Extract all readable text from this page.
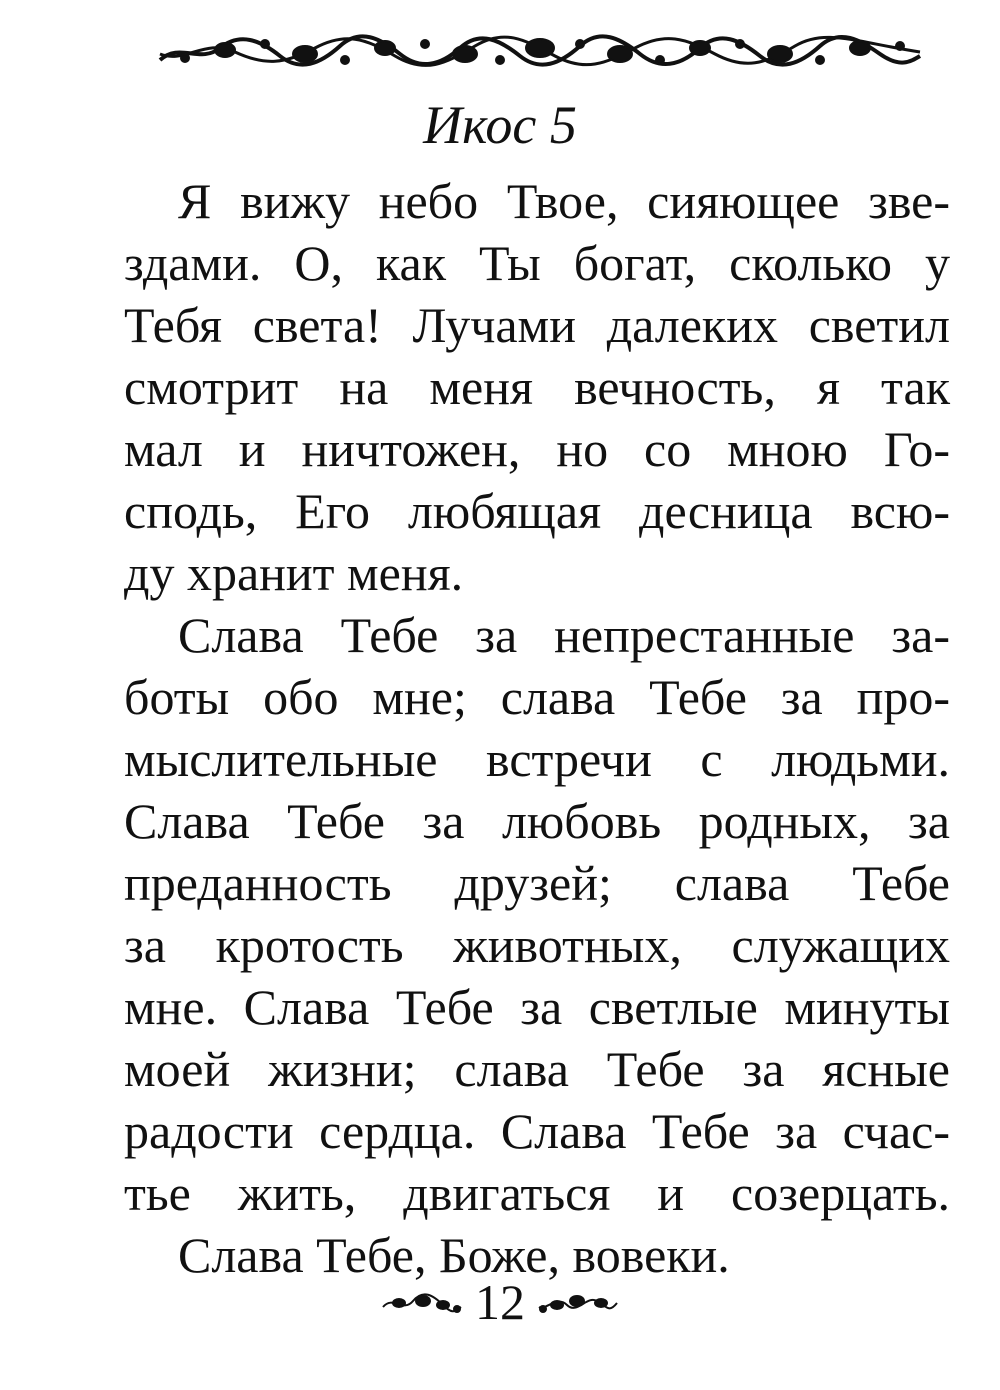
Икос 5
Я вижу небо Твое, сияющее зве-
здами. О, как Ты богат, сколько у
Тебя света! Лучами далеких светил
смотрит на меня вечность, я так
мал и ничтожен, но со мною Го-
сподь, Его любящая десница всю-
ду хранит меня.
Слава Тебе за непрестанные за-
боты обо мне; слава Тебе за про-
мыслительные встречи с людьми.
Слава Тебе за любовь родных, за
преданность друзей; слава Тебе
за кротость животных, служащих
мне. Слава Тебе за светлые минуты
моей жизни; слава Тебе за ясные
радости сердца. Слава Тебе за счас-
тье жить, двигаться и созерцать.
Слава Тебе, Боже, вовеки.
12
